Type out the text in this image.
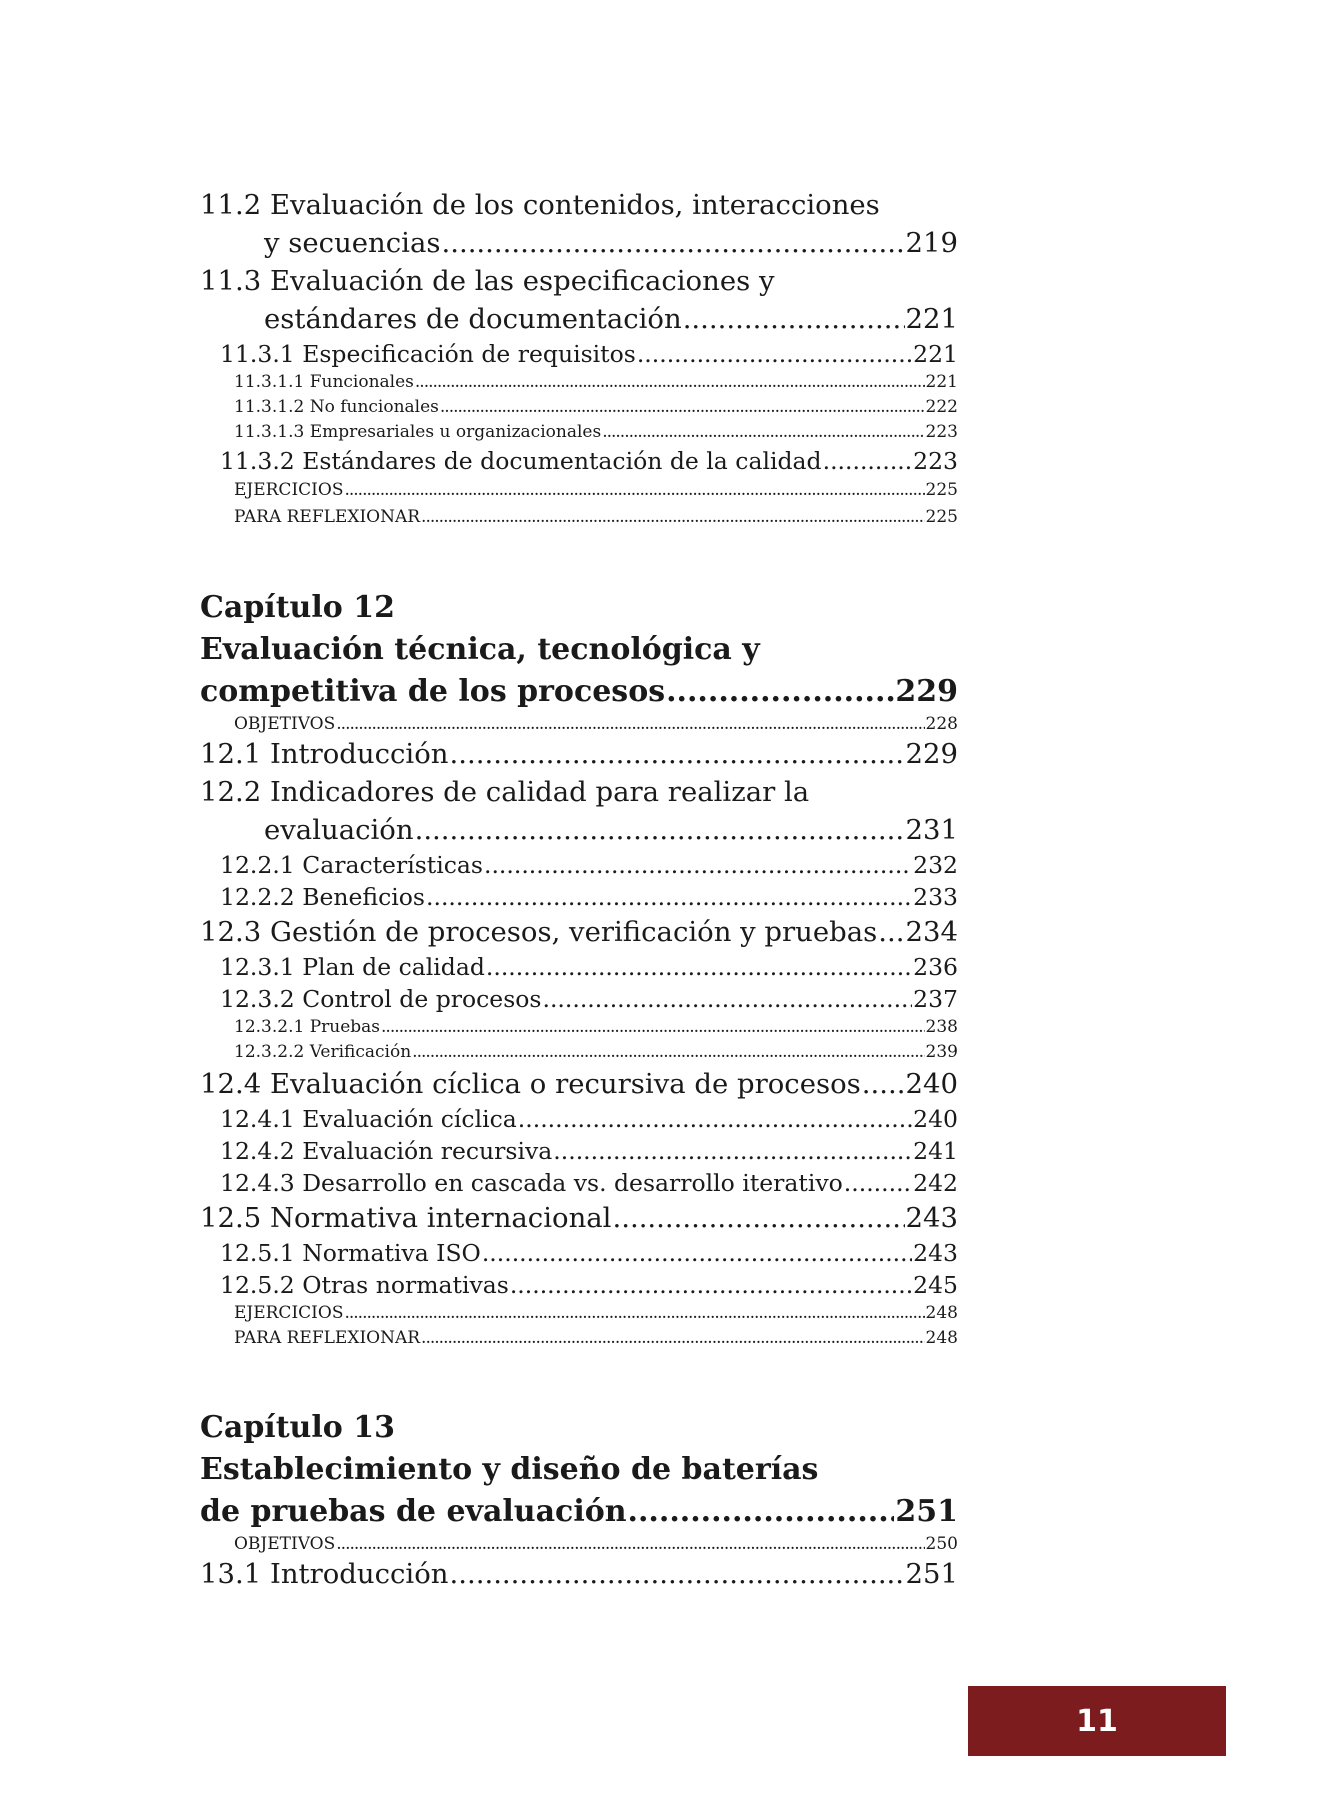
11.2 Evaluación de los contenidos, interacciones
y secuencias .....	219
11.3 Evaluación de las especificaciones y
estándares de documentación .....	221
11.3.1 Especificación de requisitos .....	221
11.3.1.1 Funcionales .....	221
11.3.1.2 No funcionales .....	222
11.3.1.3 Empresariales u organizacionales .....	223
11.3.2 Estándares de documentación de la calidad .....	223
EJERCICIOS .....	225
PARA REFLEXIONAR .....	225
Capítulo 12
Evaluación técnica, tecnológica y
competitiva de los procesos .....	229
OBJETIVOS .....	228
12.1 Introducción .....	229
12.2 Indicadores de calidad para realizar la
evaluación .....	231
12.2.1 Características .....	232
12.2.2 Beneficios .....	233
12.3 Gestión de procesos, verificación y pruebas ..... 234
12.3.1 Plan de calidad .....	236
12.3.2 Control de procesos .....	237
12.3.2.1 Pruebas .....	238
12.3.2.2 Verificación .....	239
12.4 Evaluación cíclica o recursiva de procesos ..... 240
12.4.1 Evaluación cíclica .....	240
12.4.2 Evaluación recursiva .....	241
12.4.3 Desarrollo en cascada vs. desarrollo iterativo .....	242
12.5 Normativa internacional .....	243
12.5.1 Normativa ISO .....	243
12.5.2 Otras normativas .....	245
EJERCICIOS .....	248
PARA REFLEXIONAR .....	248
Capítulo 13
Establecimiento y diseño de baterías
de pruebas de evaluación .....	251
OBJETIVOS .....	250
13.1 Introducción .....	251
11
